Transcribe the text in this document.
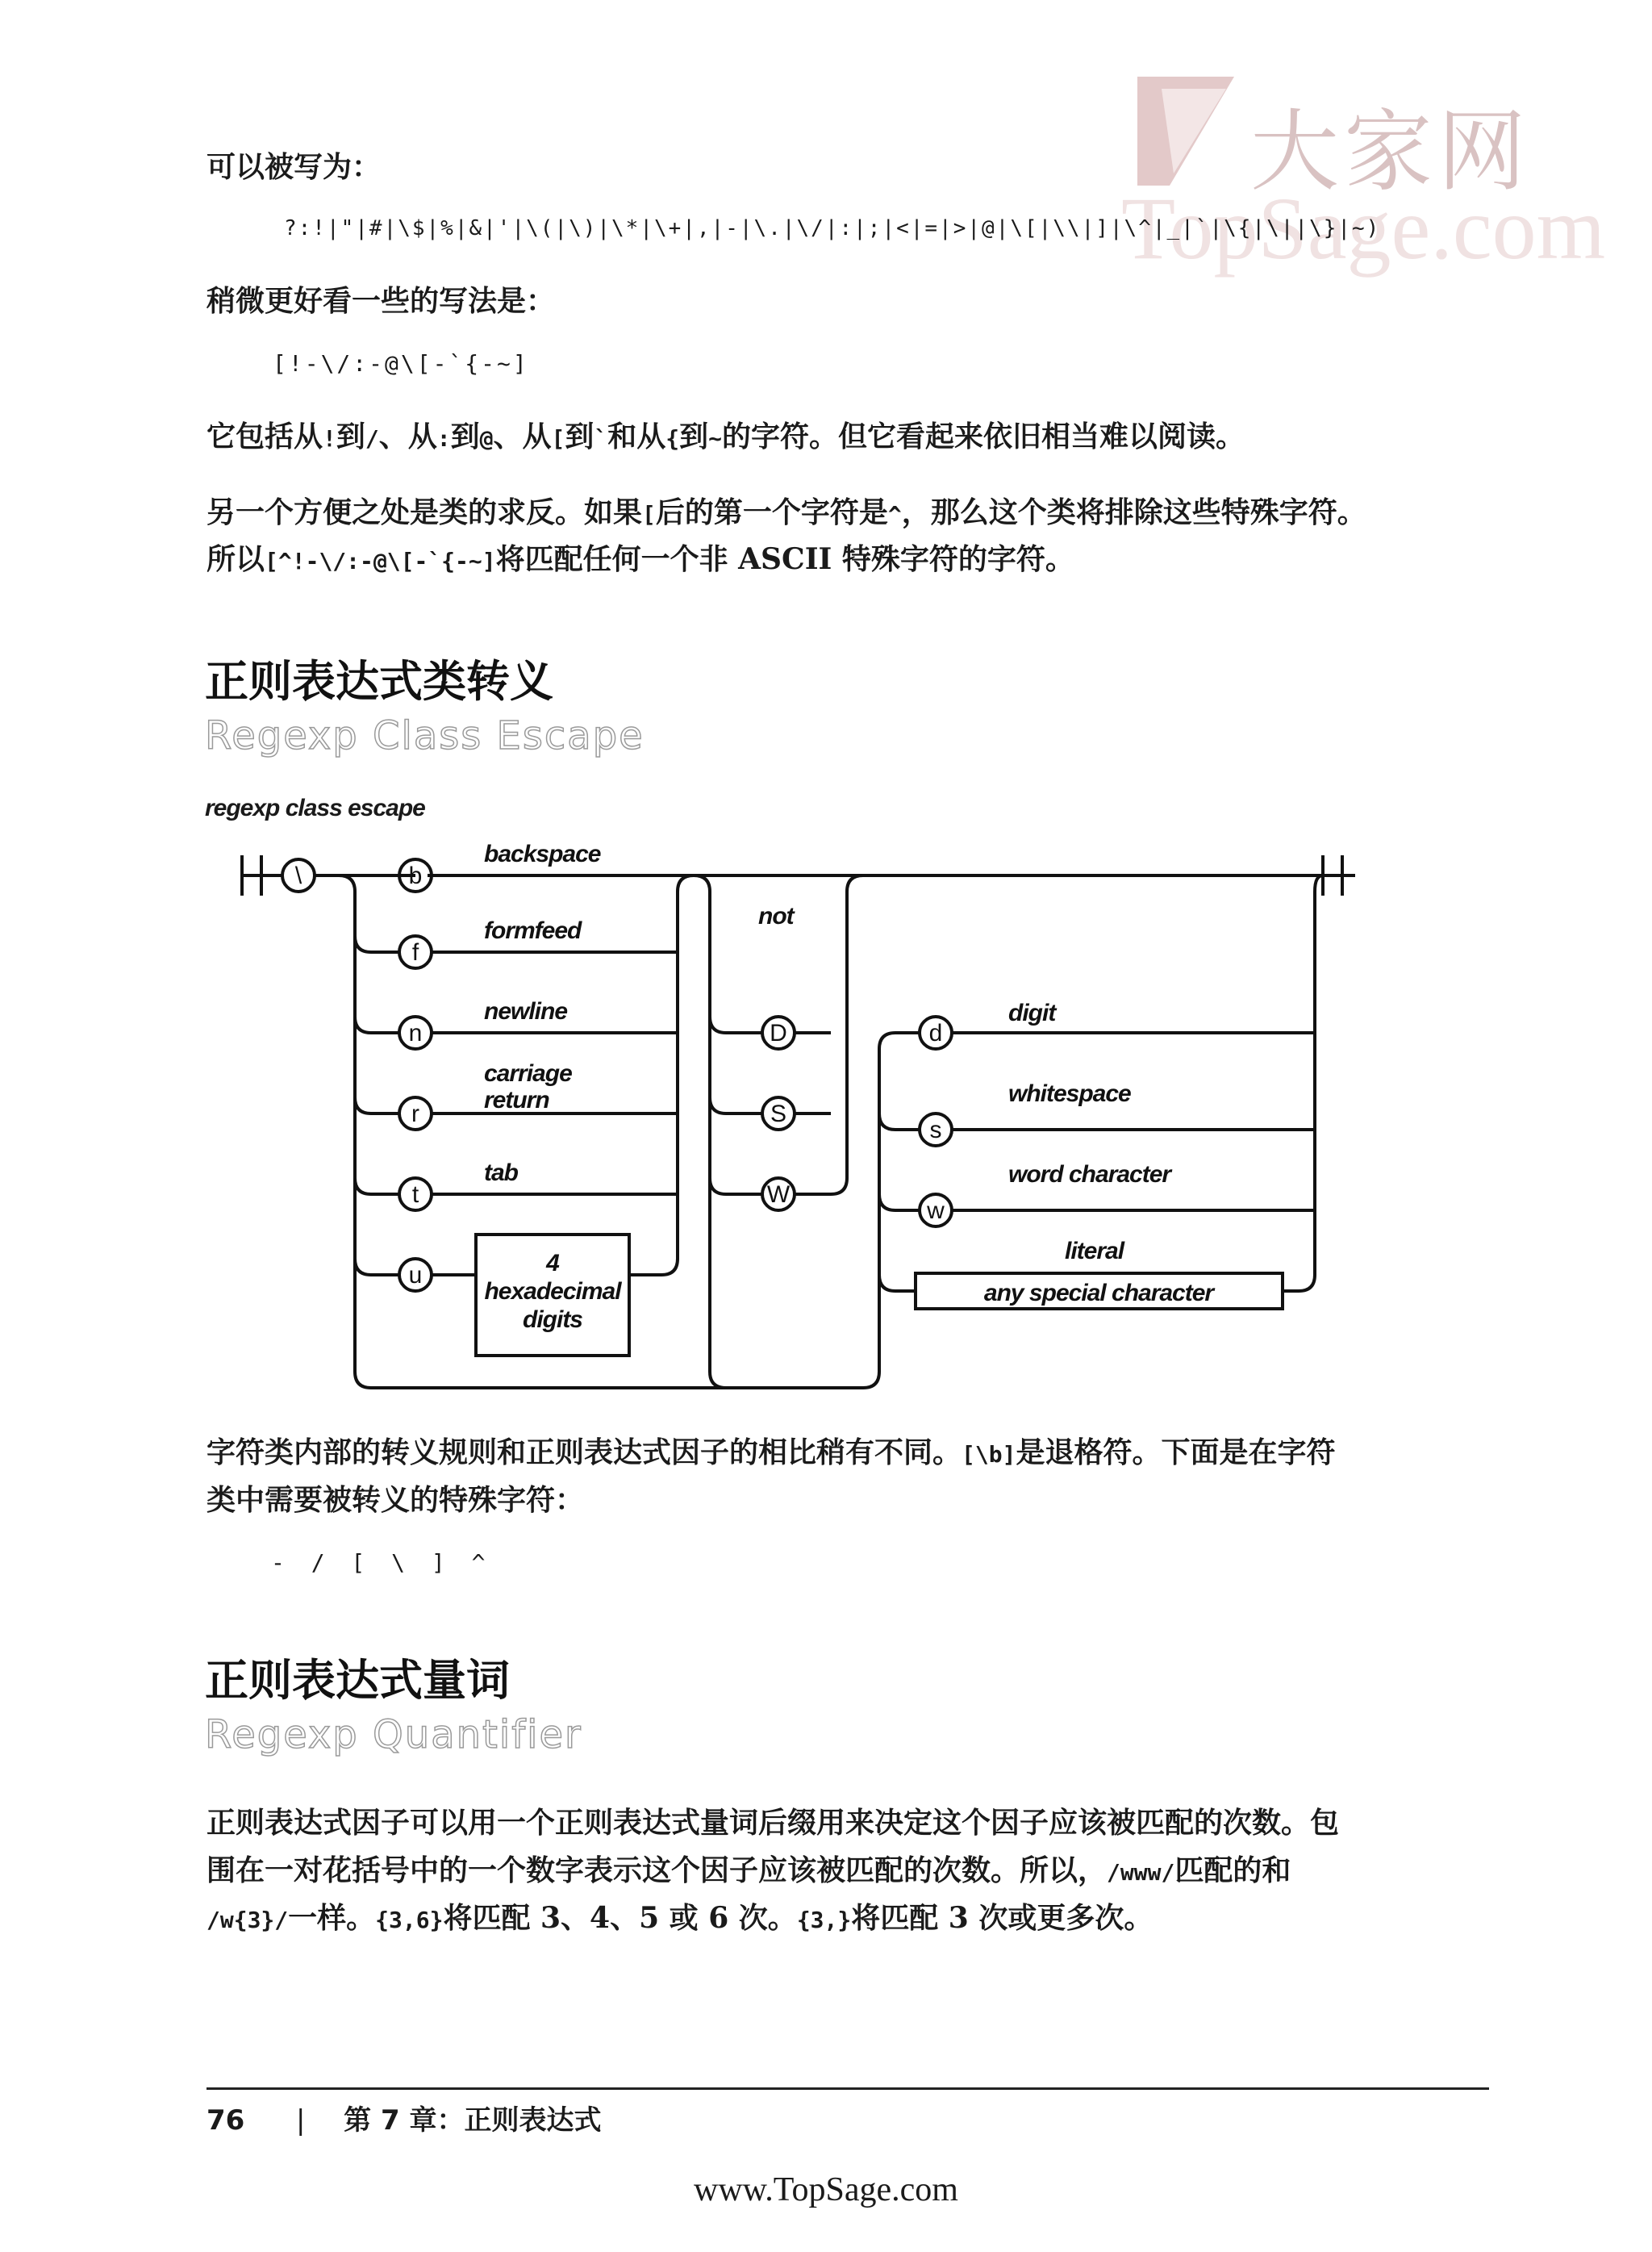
大家网
TopSage.com

可以被写为：

?:!|"|#|\$|%|&|'|\(|\)|\*|\+|,|-|\.|\/|:|;|<|=|>|@|\[|\\|]|\^|_|`|\{|\||\}|~)

稍微更好看一些的写法是：

[!-\/:-@\[-`{-~]

它包括从!到/、从:到@、从[到`和从{到~的字符。但它看起来依旧相当难以阅读。

另一个方便之处是类的求反。如果[后的第一个字符是^，那么这个类将排除这些特殊字符。

所以[^!-\/:-@\[-`{-~]将匹配任何一个非 ASCII 特殊字符的字符。

正则表达式类转义
Regexp Class Escape
regexp class escape
\	b
f
n
r
t
u
D
S
W
d
s
w
backspace
formfeed
newline
carriage
return
tab
not
digit
whitespace
word character
literal
any special character
4
hexadecimal
digits

字符类内部的转义规则和正则表达式因子的相比稍有不同。[\b]是退格符。下面是在字符

类中需要被转义的特殊字符：

- / [ \ ] ^
正则表达式量词
Regexp Quantifier

正则表达式因子可以用一个正则表达式量词后缀用来决定这个因子应该被匹配的次数。包

围在一对花括号中的一个数字表示这个因子应该被匹配的次数。所以，/www/匹配的和

/w{3}/一样。{3,6}将匹配 3、4、5 或 6 次。{3,}将匹配 3 次或更多次。

76 | 第 7 章：正则表达式
www.TopSage.com
